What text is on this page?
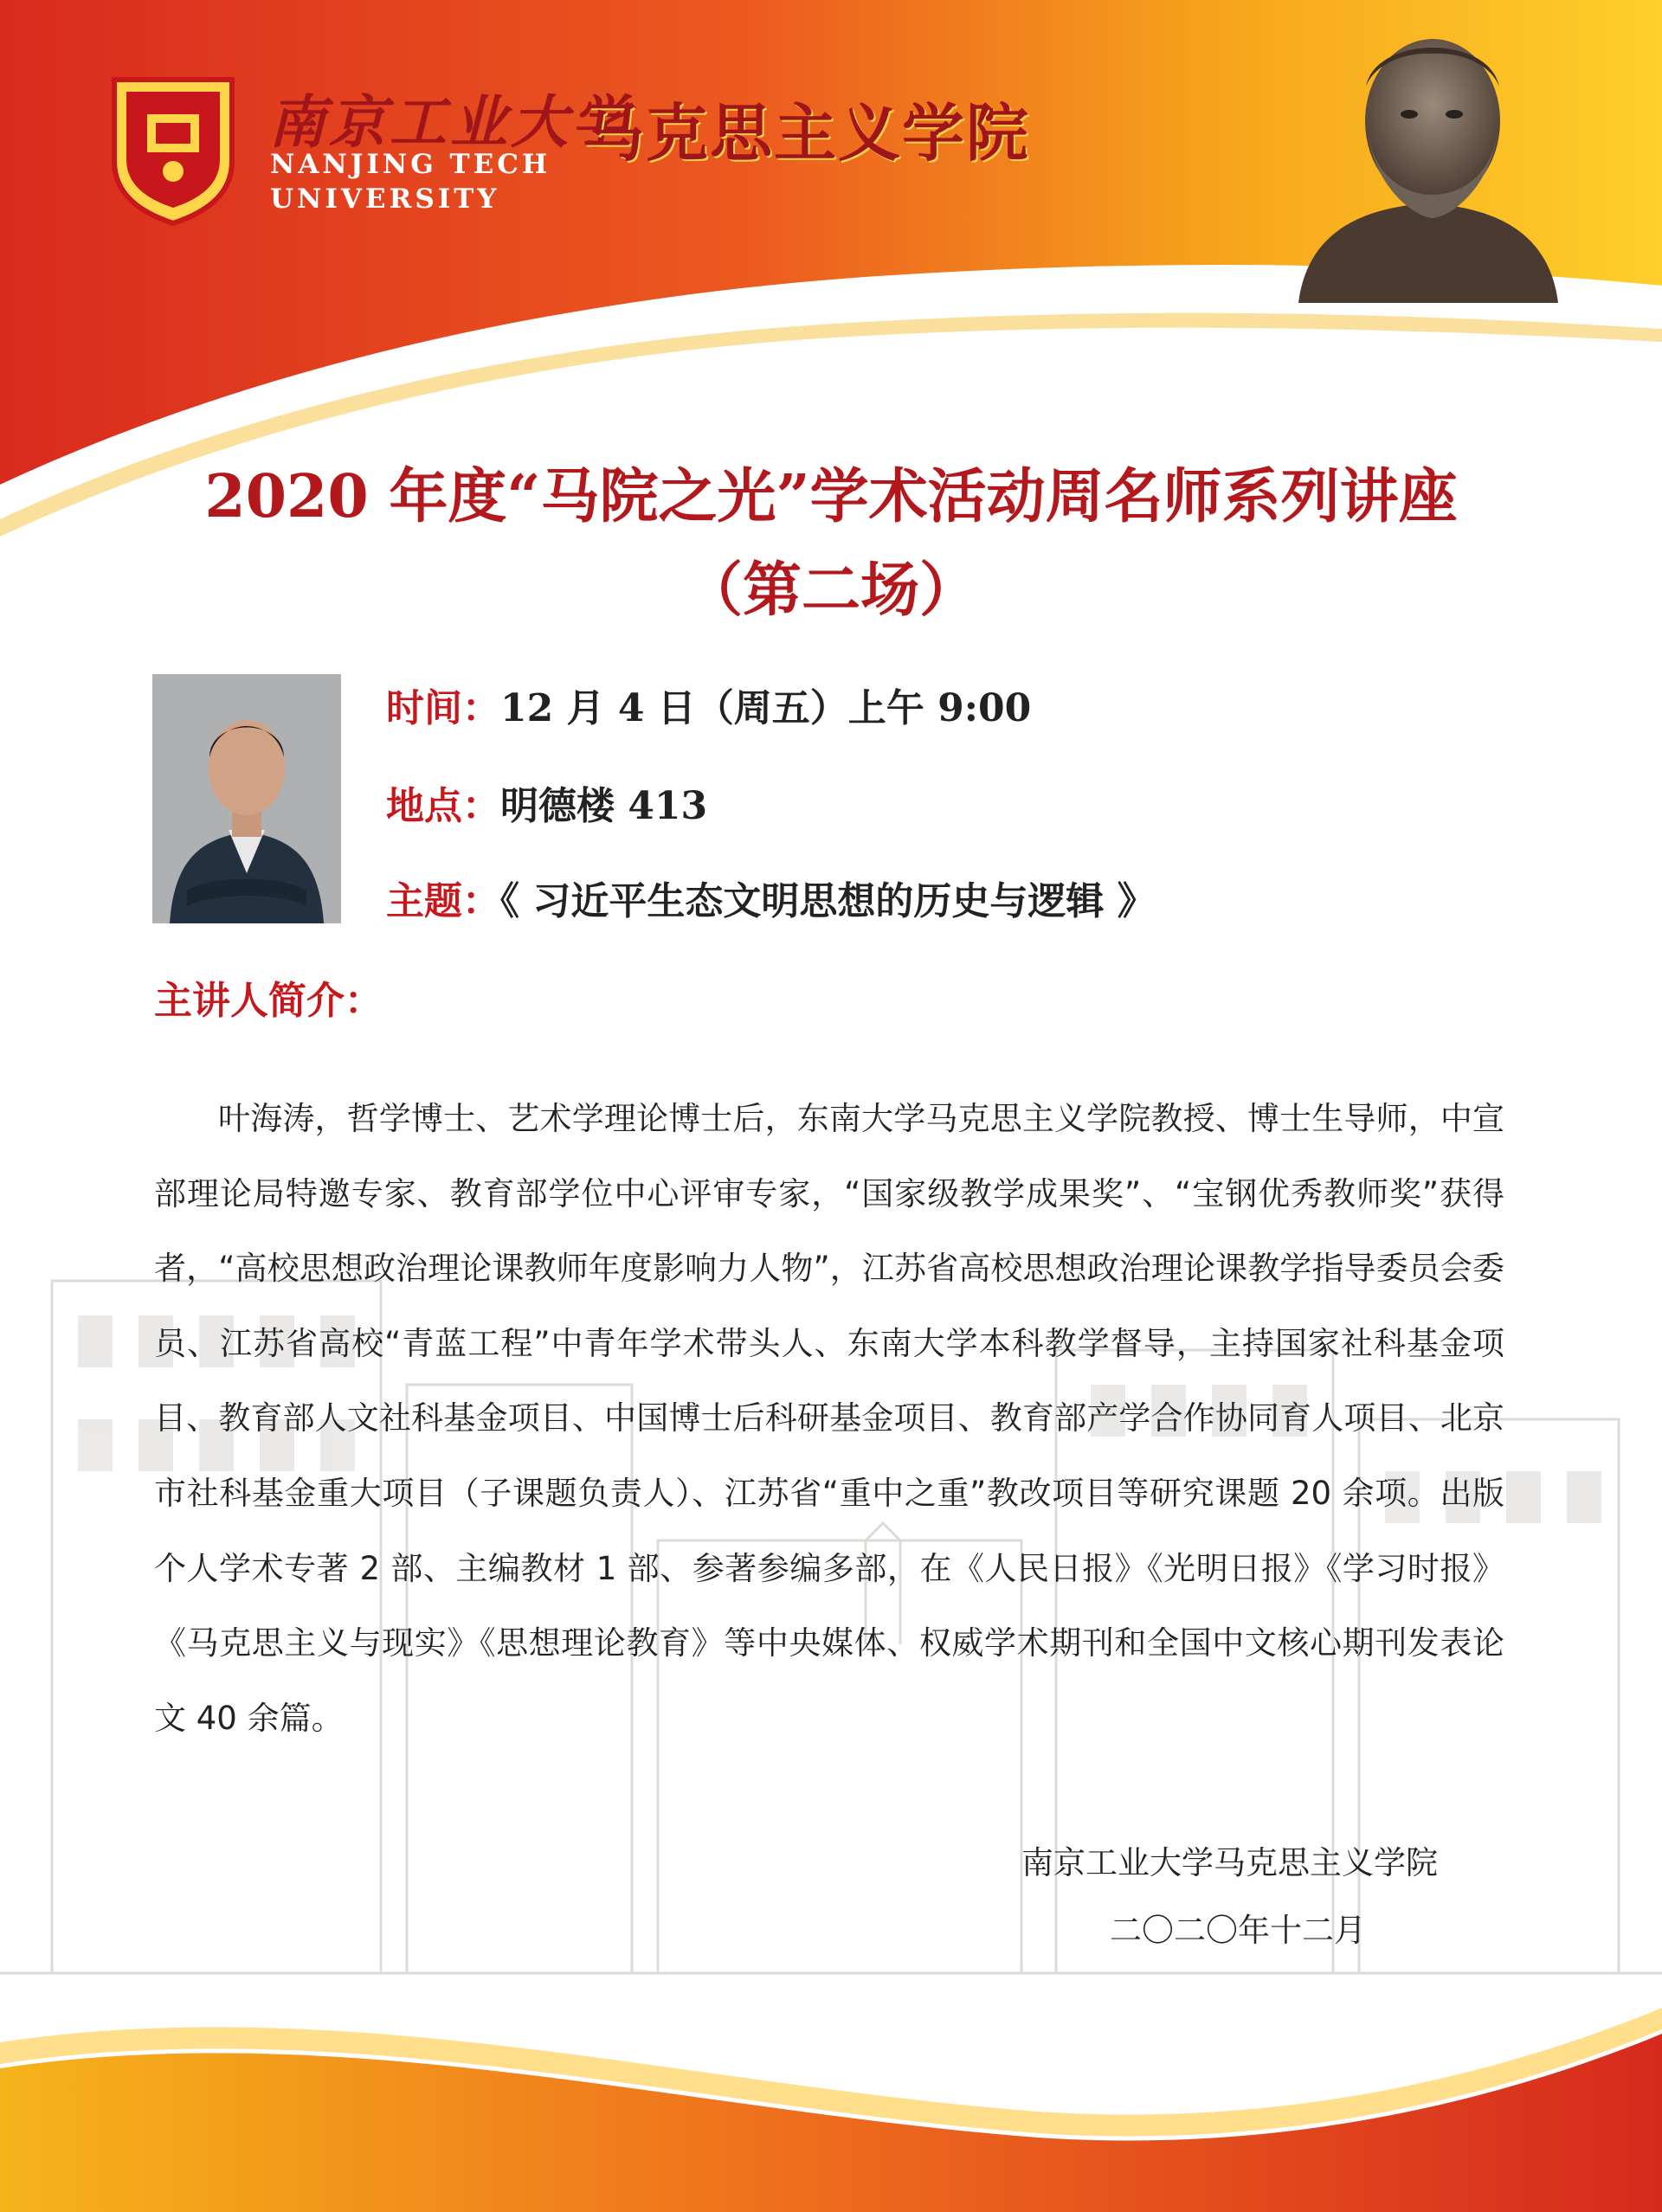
南京工业大学
NANJING TECH
UNIVERSITY
马克思主义学院
2020 年度“马院之光”学术活动周名师系列讲座
（第二场）
时间：12 月 4 日（周五）上午 9:00
地点：明德楼 413
主题：《 习近平生态文明思想的历史与逻辑 》
主讲人简介：
叶海涛，哲学博士、艺术学理论博士后，东南大学马克思主义学院教授、博士生导师，中宣部理论局特邀专家、教育部学位中心评审专家，“国家级教学成果奖”、“宝钢优秀教师奖”获得者，“高校思想政治理论课教师年度影响力人物”，江苏省高校思想政治理论课教学指导委员会委员、江苏省高校“青蓝工程”中青年学术带头人、东南大学本科教学督导，主持国家社科基金项目、教育部人文社科基金项目、中国博士后科研基金项目、教育部产学合作协同育人项目、北京市社科基金重大项目（子课题负责人）、江苏省“重中之重”教改项目等研究课题 20 余项。出版个人学术专著 2 部、主编教材 1 部、参著参编多部，在《人民日报》《光明日报》《学习时报》《马克思主义与现实》《思想理论教育》等中央媒体、权威学术期刊和全国中文核心期刊发表论文 40 余篇。
南京工业大学马克思主义学院
二〇二〇年十二月
